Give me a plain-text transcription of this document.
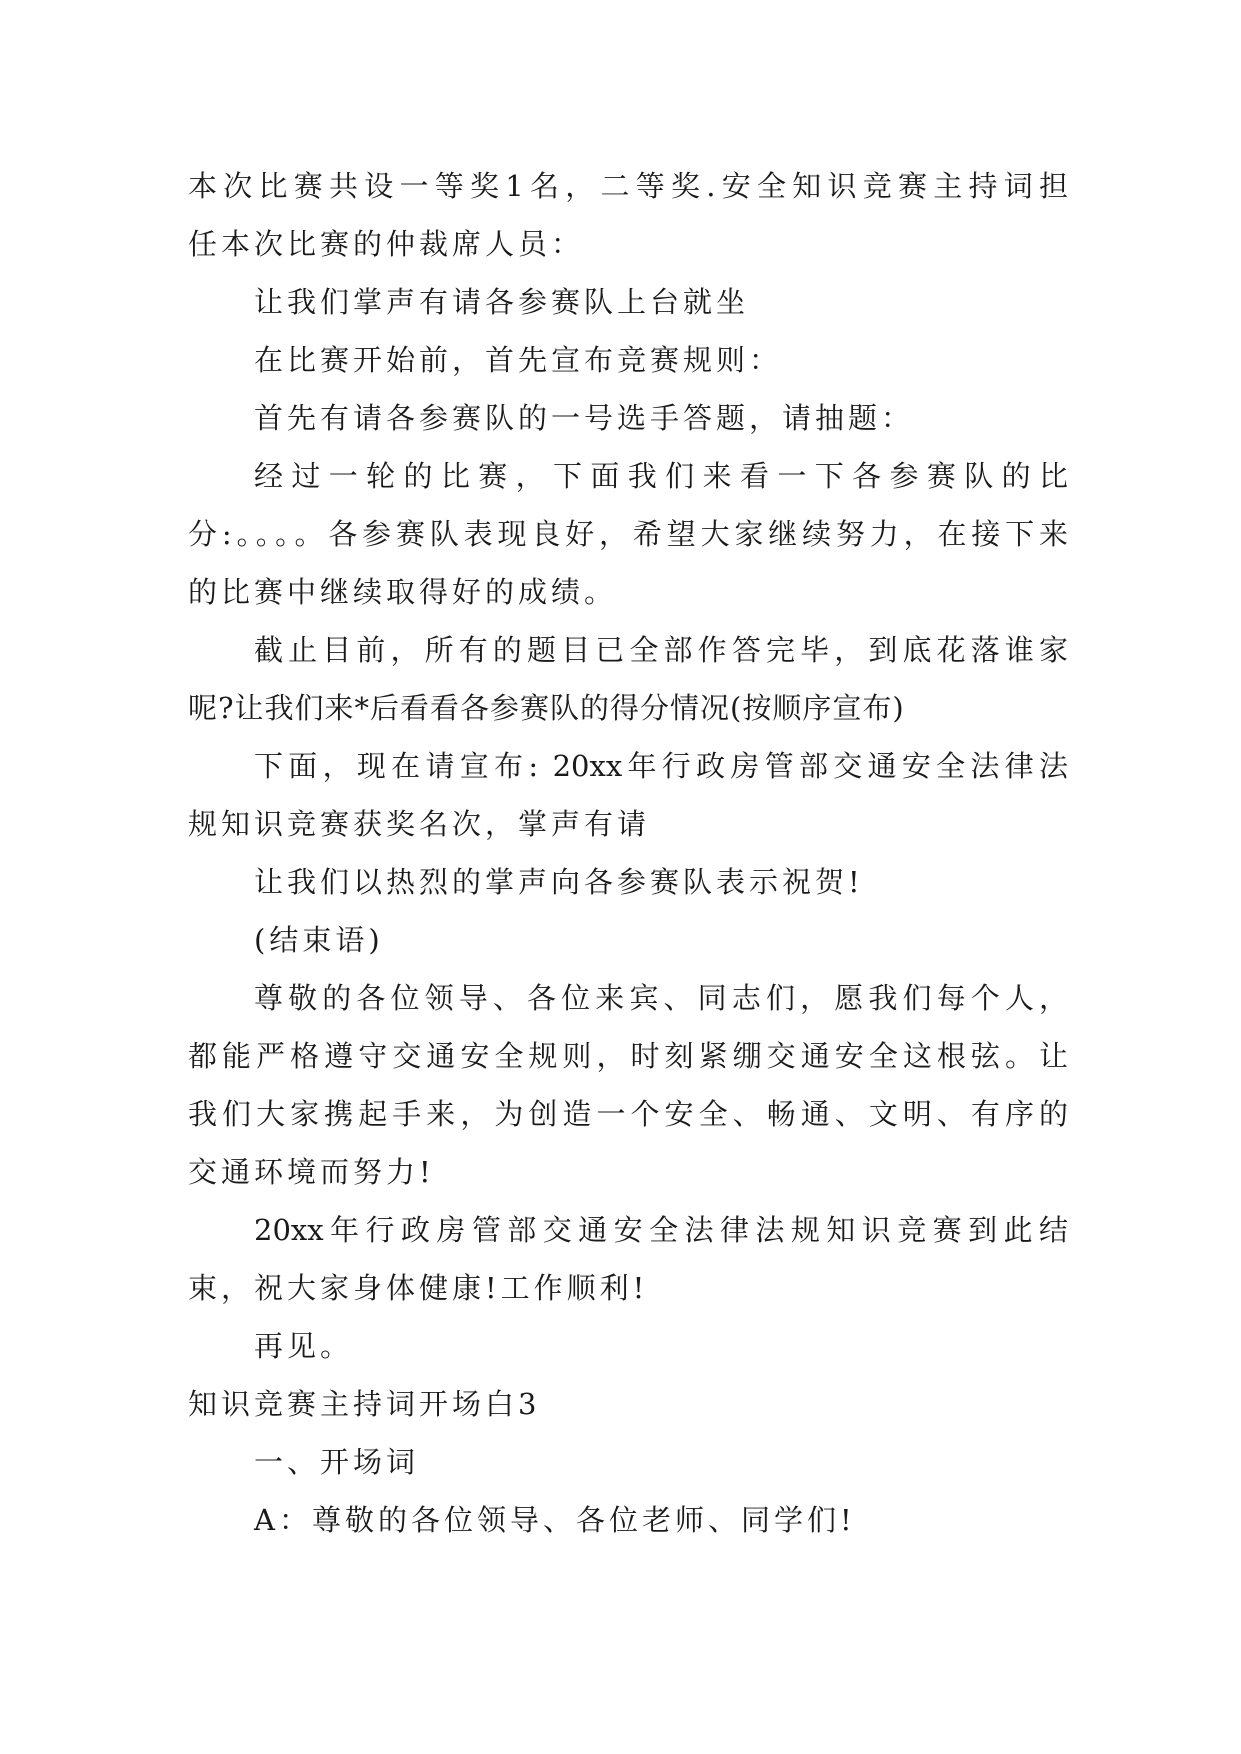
本次比赛共设一等奖1名，二等奖.安全知识竞赛主持词担
任本次比赛的仲裁席人员：
让我们掌声有请各参赛队上台就坐
在比赛开始前，首先宣布竞赛规则：
首先有请各参赛队的一号选手答题，请抽题：
经过一轮的比赛，下面我们来看一下各参赛队的比
分:。。。。各参赛队表现良好，希望大家继续努力，在接下来
的比赛中继续取得好的成绩。
截止目前，所有的题目已全部作答完毕，到底花落谁家
呢?让我们来*后看看各参赛队的得分情况(按顺序宣布)
下面，现在请宣布: 20xx年行政房管部交通安全法律法
规知识竞赛获奖名次，掌声有请
让我们以热烈的掌声向各参赛队表示祝贺!
(结束语)
尊敬的各位领导、各位来宾、同志们，愿我们每个人，
都能严格遵守交通安全规则，时刻紧绷交通安全这根弦。让
我们大家携起手来，为创造一个安全、畅通、文明、有序的
交通环境而努力!
20xx年行政房管部交通安全法律法规知识竞赛到此结
束，祝大家身体健康!工作顺利!
再见。
知识竞赛主持词开场白3
一、开场词
A：尊敬的各位领导、各位老师、同学们!
